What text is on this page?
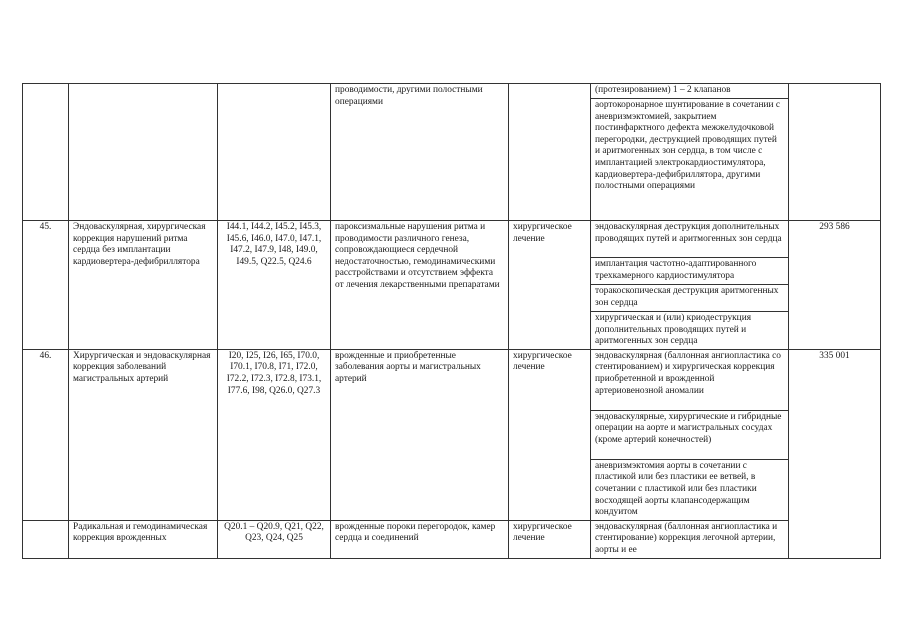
			проводимости, другими полостными операциями		(протезированием) 1 – 2 клапанов	
					аортокоронарное шунтирование в сочетании с аневризмэктомией, закрытием постинфарктного дефекта межжелудочковой перегородки, деструкцией проводящих путей и аритмогенных зон сердца, в том числе с имплантацией электрокардиостимулятора, кардиовертера-дефибриллятора, другими полостными операциями	
45.	Эндоваскулярная, хирургическая коррекция нарушений ритма сердца без имплантации кардиовертера-дефибриллятора	I44.1, I44.2, I45.2, I45.3, I45.6, I46.0, I47.0, I47.1, I47.2, I47.9, I48, I49.0, I49.5, Q22.5, Q24.6	пароксизмальные нарушения ритма и проводимости различного генеза, сопровождающиеся сердечной недостаточностью, гемодинамическими расстройствами и отсутствием эффекта от лечения лекарственными препаратами	хирургическое лечение	эндоваскулярная деструкция дополнительных проводящих путей и аритмогенных зон сердца	293 586
					имплантация частотно-адаптированного трехкамерного кардиостимулятора	
					торакоскопическая деструкция аритмогенных зон сердца	
					хирургическая и (или) криодеструкция дополнительных проводящих путей и аритмогенных зон сердца	
46.	Хирургическая и эндоваскулярная коррекция заболеваний магистральных артерий	I20, I25, I26, I65, I70.0, I70.1, I70.8, I71, I72.0, I72.2, I72.3, I72.8, I73.1, I77.6, I98, Q26.0, Q27.3	врожденные и приобретенные заболевания аорты и магистральных артерий	хирургическое лечение	эндоваскулярная (баллонная ангиопластика со стентированием) и хирургическая коррекция приобретенной и врожденной артериовенозной аномалии	335 001
					эндоваскулярные, хирургические и гибридные операции на аорте и магистральных сосудах (кроме артерий конечностей)	
					аневризмэктомия аорты в сочетании с пластикой или без пластики ее ветвей, в сочетании с пластикой или без пластики восходящей аорты клапансодержащим кондуитом	
	Радикальная и гемодинамическая коррекция врожденных	Q20.1 – Q20.9, Q21, Q22, Q23, Q24, Q25	врожденные пороки перегородок, камер сердца и соединений	хирургическое лечение	эндоваскулярная (баллонная ангиопластика и стентирование) коррекция легочной артерии, аорты и ее	
